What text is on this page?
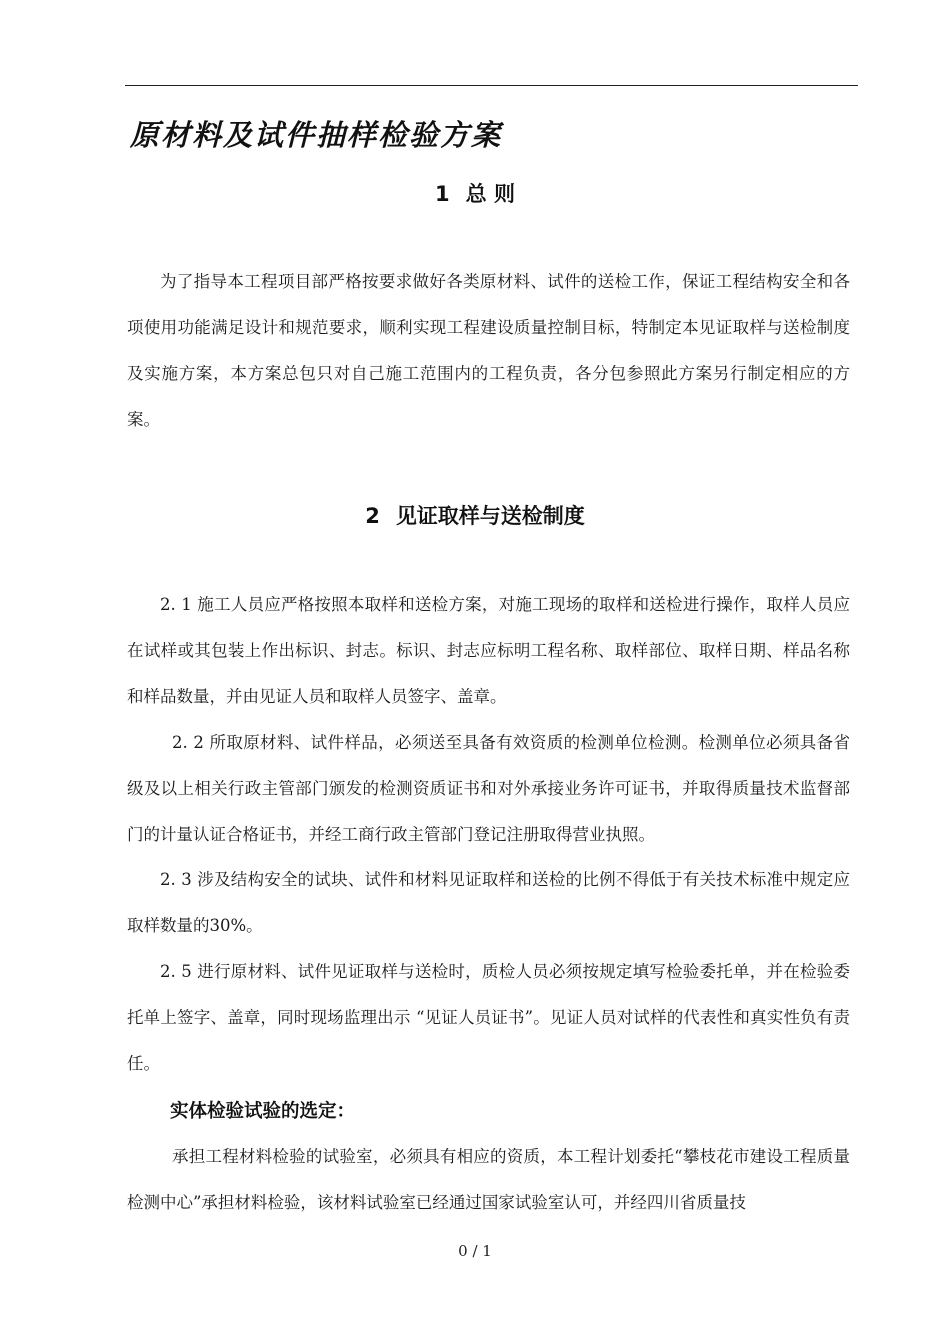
原材料及试件抽样检验方案
1 总 则
为了指导本工程项目部严格按要求做好各类原材料、试件的送检工作，保证工程结构安全和各项使用功能满足设计和规范要求，顺利实现工程建设质量控制目标，特制定本见证取样与送检制度及实施方案，本方案总包只对自己施工范围内的工程负责，各分包参照此方案另行制定相应的方案。
2 见证取样与送检制度
2. 1 施工人员应严格按照本取样和送检方案，对施工现场的取样和送检进行操作，取样人员应在试样或其包装上作出标识、封志。标识、封志应标明工程名称、取样部位、取样日期、样品名称和样品数量，并由见证人员和取样人员签字、盖章。
2. 2 所取原材料、试件样品，必须送至具备有效资质的检测单位检测。检测单位必须具备省级及以上相关行政主管部门颁发的检测资质证书和对外承接业务许可证书，并取得质量技术监督部门的计量认证合格证书，并经工商行政主管部门登记注册取得营业执照。
2. 3 涉及结构安全的试块、试件和材料见证取样和送检的比例不得低于有关技术标准中规定应取样数量的30%。
2. 5 进行原材料、试件见证取样与送检时，质检人员必须按规定填写检验委托单，并在检验委托单上签字、盖章，同时现场监理出示 “见证人员证书”。见证人员对试样的代表性和真实性负有责任。
实体检验试验的选定：
承担工程材料检验的试验室，必须具有相应的资质，本工程计划委托“攀枝花市建设工程质量检测中心”承担材料检验，该材料试验室已经通过国家试验室认可，并经四川省质量技
0 / 1
